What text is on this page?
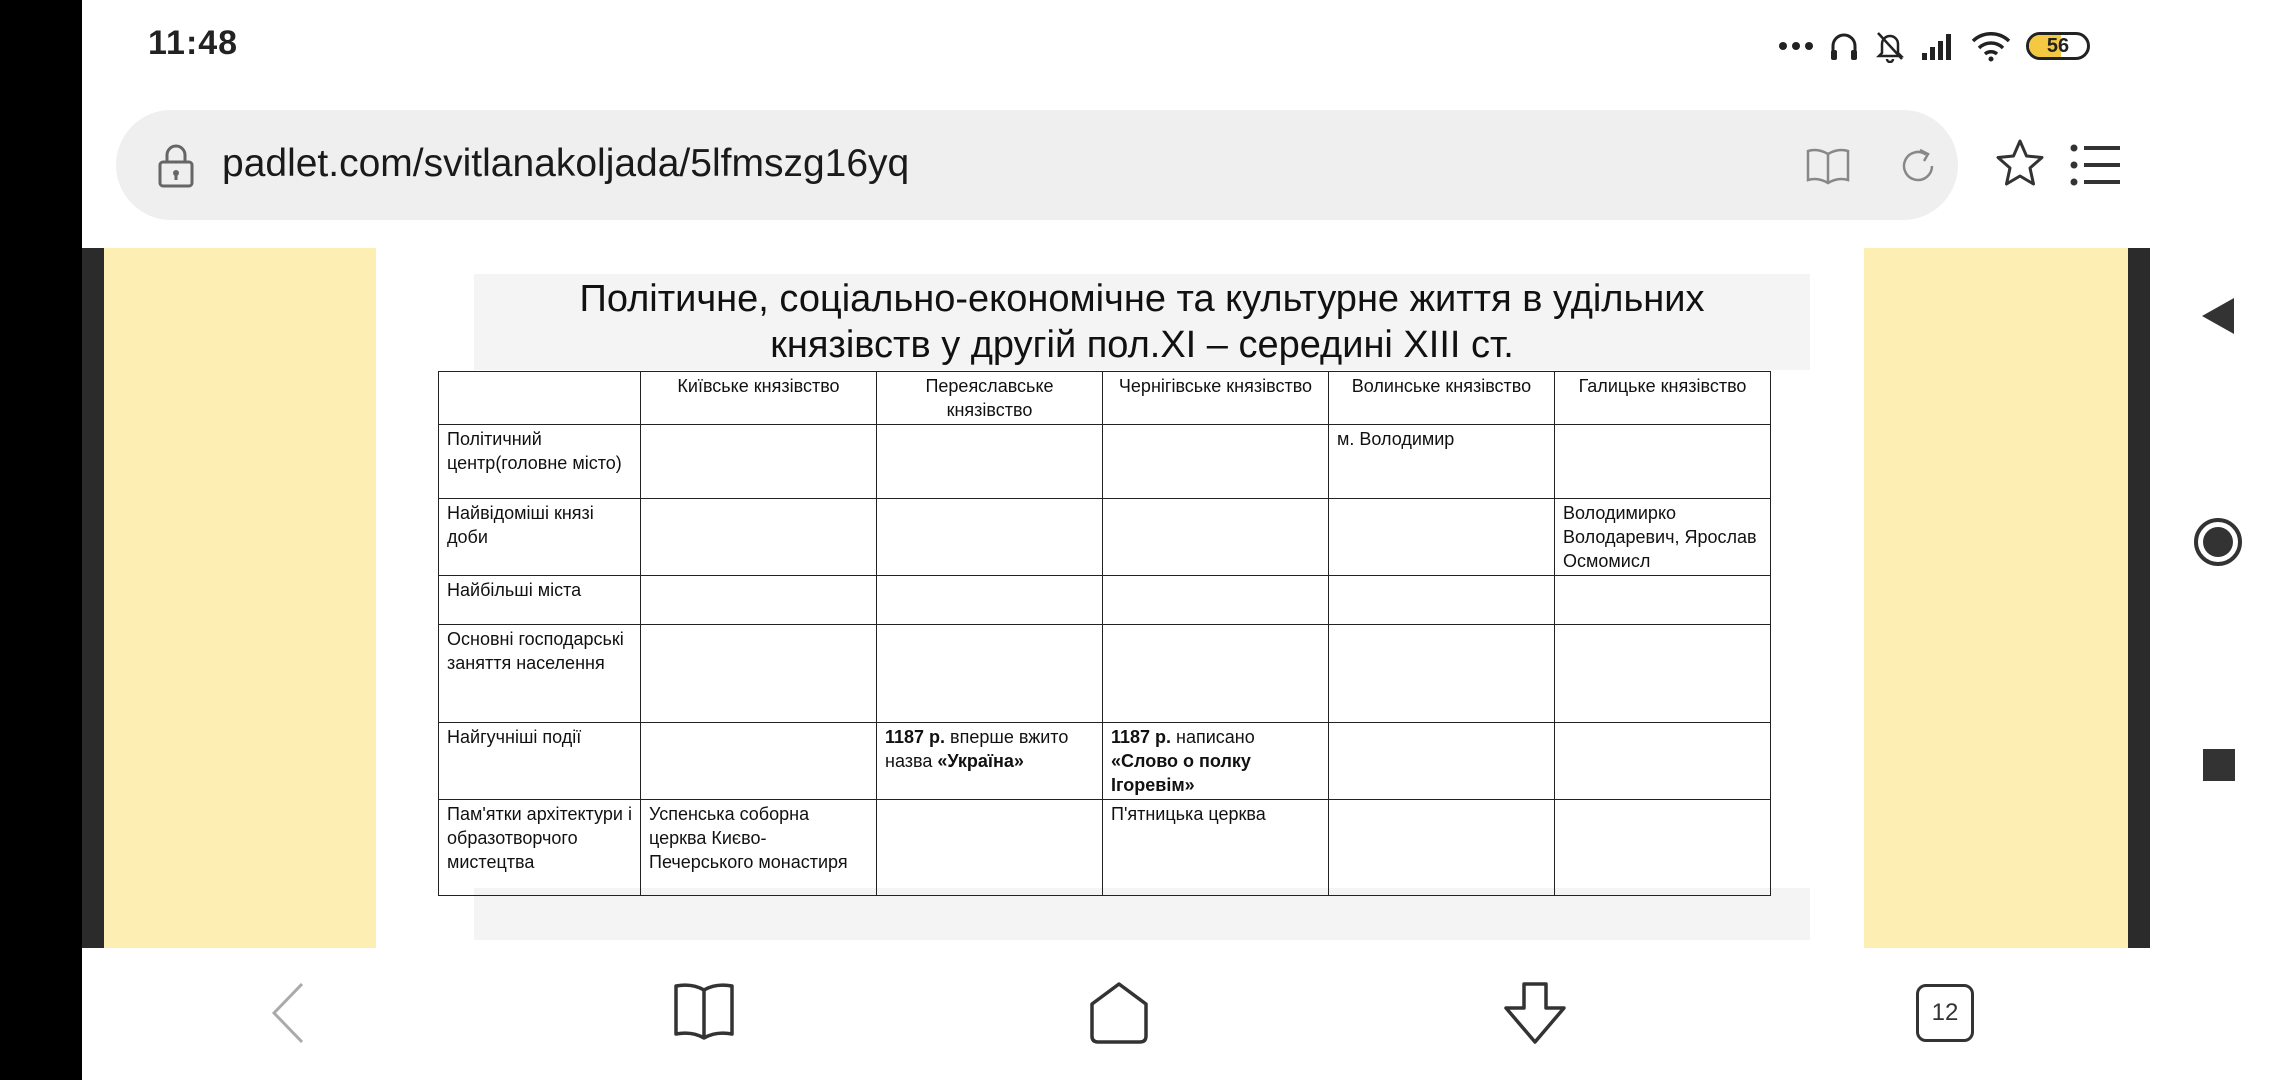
11:48	56
padlet.com/svitlanakoljada/5lfmszg16yq
Політичне, соціально-економічне та культурне життя в удільних
князівств у другій пол.ХІ – середині ХІІІ ст.
	Київське князівство	Переяславське князівство	Чернігівське князівство	Волинське князівство	Галицьке князівство
Політичний центр(головне місто)				м. Володимир	
Найвідоміші князі доби					Володимирко Володаревич, Ярослав Осмомисл
Найбільші міста					
Основні господарські заняття населення					
Найгучніші події		1187 р. вперше вжито назва «Україна»	1187 р. написано «Слово о полку Ігоревім»		
Пам'ятки архітектури і образотворчого мистецтва	Успенська соборна церква Києво-Печерського монастиря		П'ятницька церква		
12
